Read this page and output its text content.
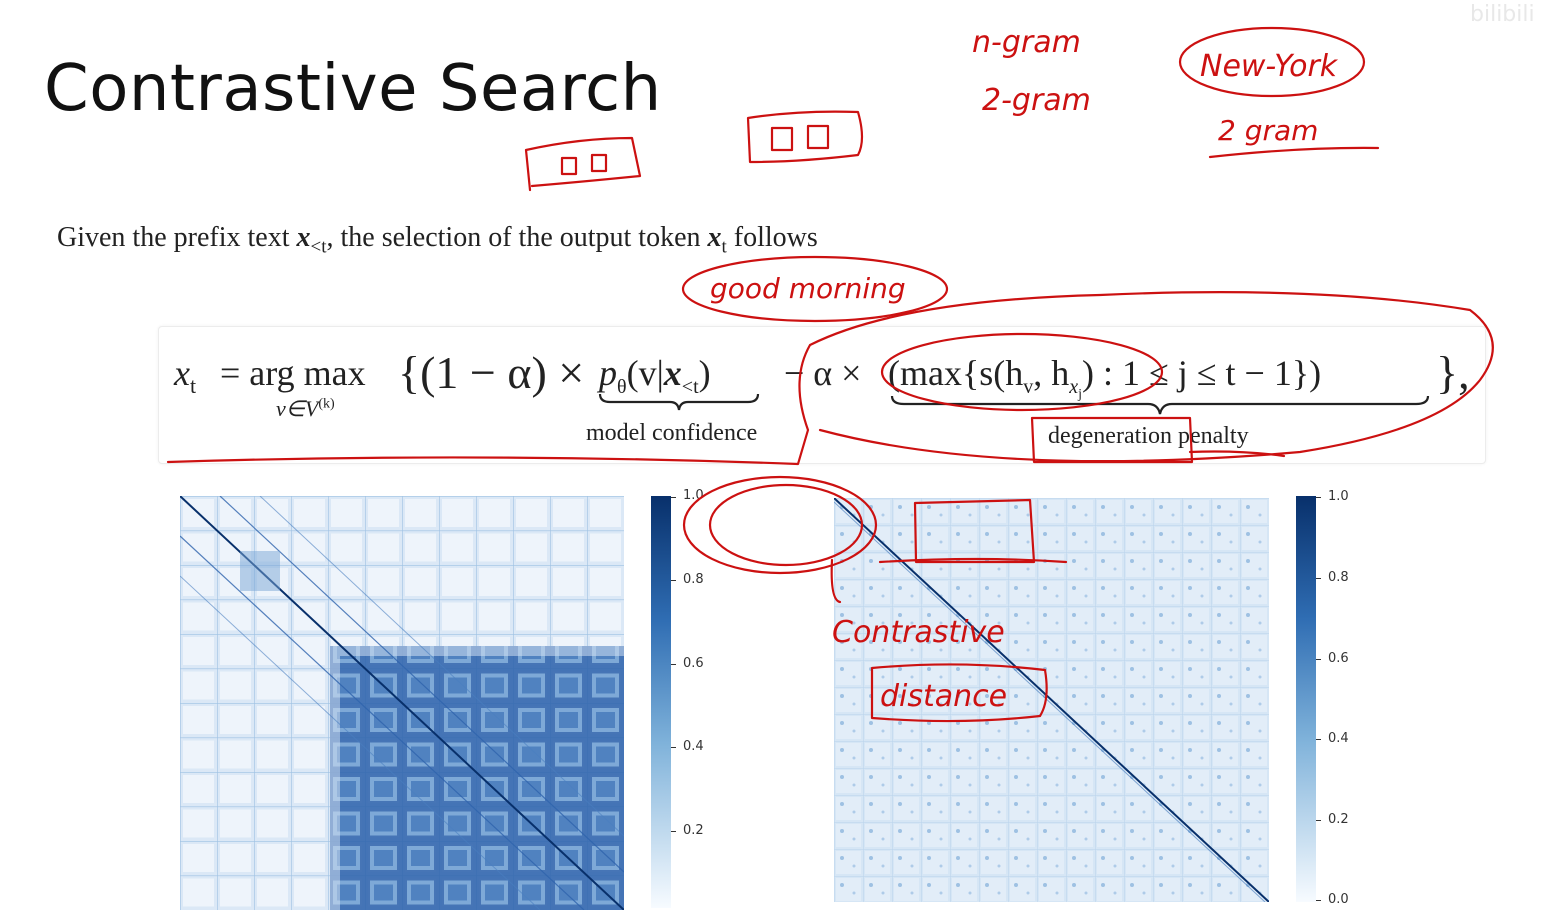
Contrastive Search
Given the prefix text $x_{<t}$, the selection of the output token $x_t$ follows
$x_t$ = arg max
$v\in V^{(k)}$
{$(1 - \alpha) \times p_\theta(v|x_{<t}) - \alpha \times (\max\{s(h_v$, $h_{x_j}$) : 1 ≤ j ≤ t − 1}) },
model confidence	degeneration penalty
1.0
0.8
0.6
0.4
0.2
1.0
0.8
0.6
0.4
0.2
0.0
bilibili
n-gram
2-gram
New-York
2 gram
good morning
Contrastive
distance
